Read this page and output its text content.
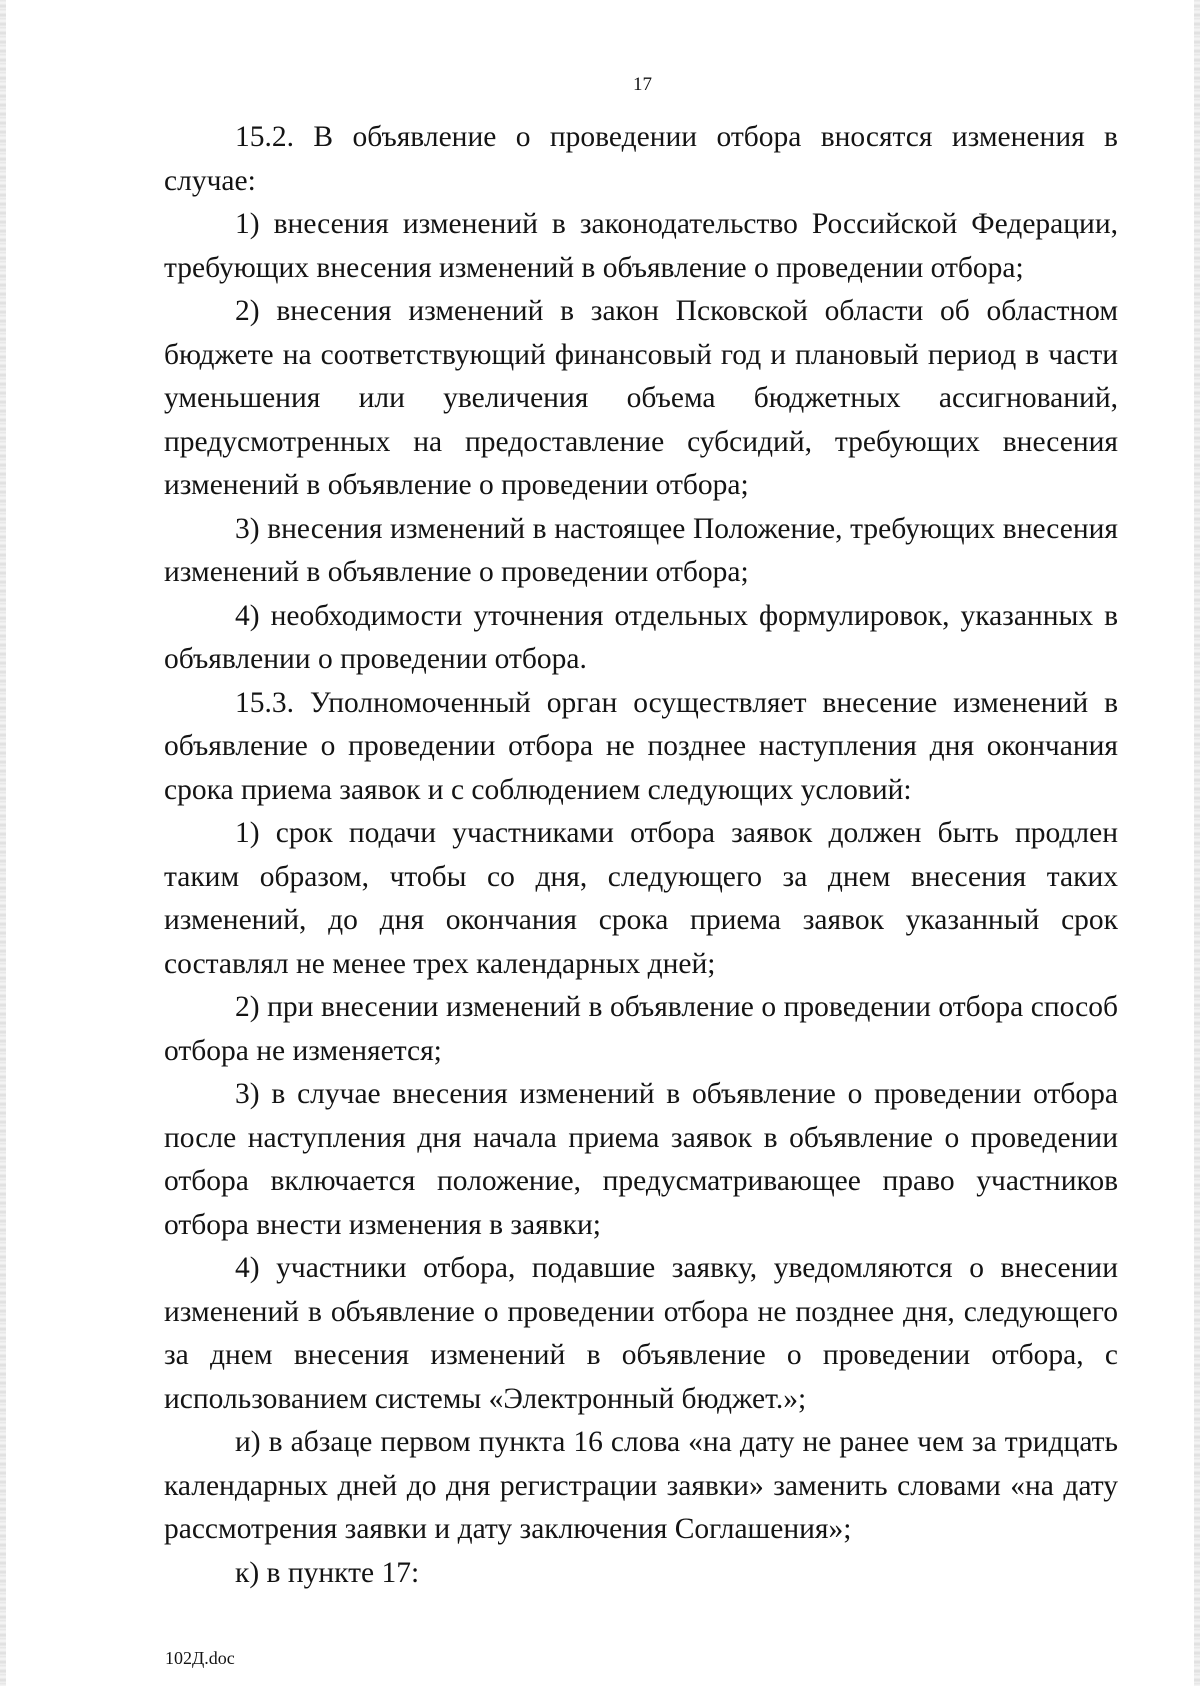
17

15.2. В объявление о проведении отбора вносятся изменения в случае:

1) внесения изменений в законодательство Российской Федерации, требующих внесения изменений в объявление о проведении отбора;

2) внесения изменений в закон Псковской области об областном бюджете на соответствующий финансовый год и плановый период в части уменьшения или увеличения объема бюджетных ассигнований, предусмотренных на предоставление субсидий, требующих внесения изменений в объявление о проведении отбора;

3) внесения изменений в настоящее Положение, требующих внесения изменений в объявление о проведении отбора;

4) необходимости уточнения отдельных формулировок, указанных в объявлении о проведении отбора.

15.3. Уполномоченный орган осуществляет внесение изменений в объявление о проведении отбора не позднее наступления дня окончания срока приема заявок и с соблюдением следующих условий:

1) срок подачи участниками отбора заявок должен быть продлен таким образом, чтобы со дня, следующего за днем внесения таких изменений, до дня окончания срока приема заявок указанный срок составлял не менее трех календарных дней;

2) при внесении изменений в объявление о проведении отбора способ отбора не изменяется;

3) в случае внесения изменений в объявление о проведении отбора после наступления дня начала приема заявок в объявление о проведении отбора включается положение, предусматривающее право участников отбора внести изменения в заявки;

4) участники отбора, подавшие заявку, уведомляются о внесении изменений в объявление о проведении отбора не позднее дня, следующего за днем внесения изменений в объявление о проведении отбора, с использованием системы «Электронный бюджет.»;

и) в абзаце первом пункта 16 слова «на дату не ранее чем за тридцать календарных дней до дня регистрации заявки» заменить словами «на дату рассмотрения заявки и дату заключения Соглашения»;

к) в пункте 17:

102Д.doc
